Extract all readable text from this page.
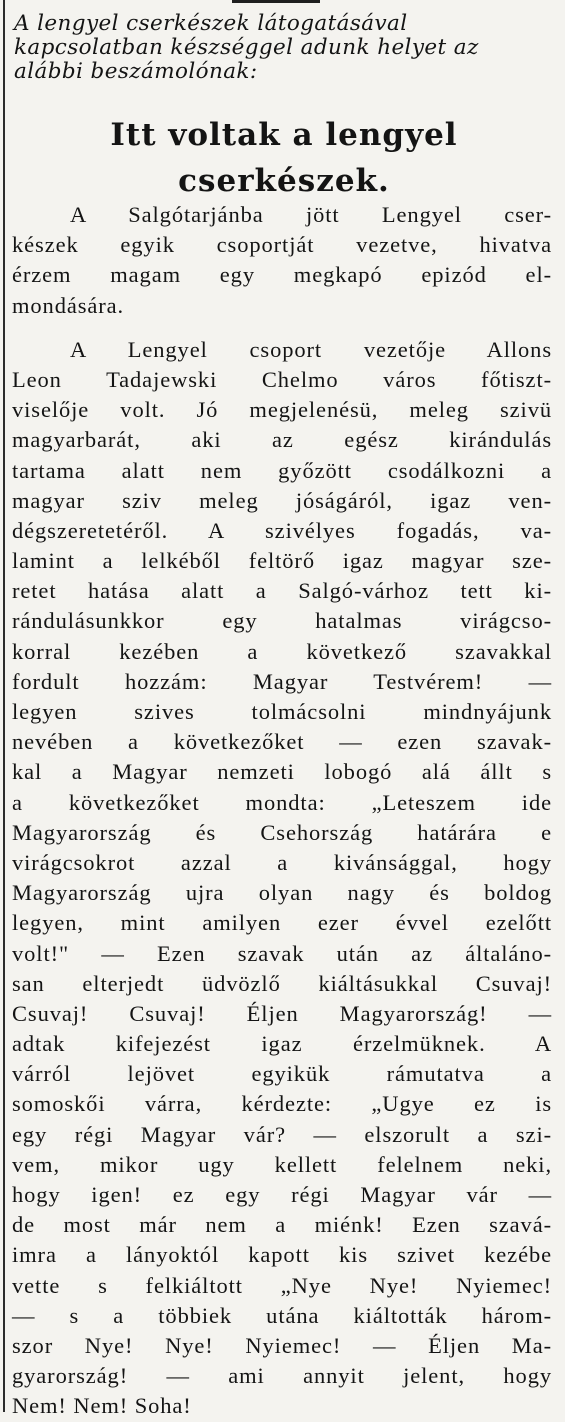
A lengyel cserkészek látogatásával
kapcsolatban készséggel adunk helyet az
alábbi beszámolónak:
Itt voltak a lengyel
cserkészek.
A Salgótarjánba jött Lengyel cser-
készek egyik csoportját vezetve, hivatva
érzem magam egy megkapó epizód el-
mondására.
A Lengyel csoport vezetője Allons
Leon Tadajewski Chelmo város főtiszt-
viselője volt. Jó megjelenésü, meleg szivü
magyarbarát, aki az egész kirándulás
tartama alatt nem győzött csodálkozni a
magyar sziv meleg jóságáról, igaz ven-
dégszeretetéről. A szivélyes fogadás, va-
lamint a lelkéből feltörő igaz magyar sze-
retet hatása alatt a Salgó-várhoz tett ki-
rándulásunkkor egy hatalmas virágcso-
korral kezében a következő szavakkal
fordult hozzám: Magyar Testvérem! —
legyen szives tolmácsolni mindnyájunk
nevében a következőket — ezen szavak-
kal a Magyar nemzeti lobogó alá állt s
a következőket mondta: „Leteszem ide
Magyarország és Csehország határára e
virágcsokrot azzal a kivánsággal, hogy
Magyarország ujra olyan nagy és boldog
legyen, mint amilyen ezer évvel ezelőtt
volt!" — Ezen szavak után az általáno-
san elterjedt üdvözlő kiáltásukkal Csuvaj!
Csuvaj! Csuvaj! Éljen Magyarország! —
adtak kifejezést igaz érzelmüknek. A
várról lejövet egyikük rámutatva a
somoskői várra, kérdezte: „Ugye ez is
egy régi Magyar vár? — elszorult a szi-
vem, mikor ugy kellett felelnem neki,
hogy igen! ez egy régi Magyar vár —
de most már nem a miénk! Ezen szavá-
imra a lányoktól kapott kis szivet kezébe
vette s felkiáltott „Nye Nye! Nyiemec!
— s a többiek utána kiáltották három-
szor Nye! Nye! Nyiemec! — Éljen Ma-
gyarország! — ami annyit jelent, hogy
Nem! Nem! Soha!
